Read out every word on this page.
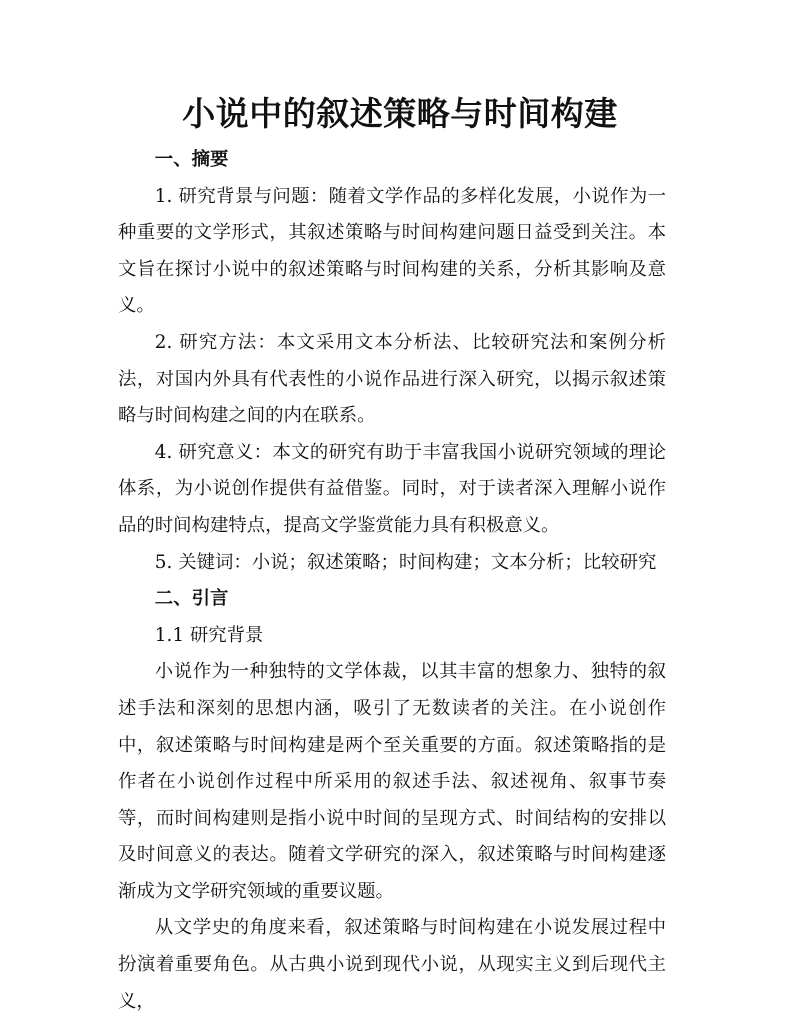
小说中的叙述策略与时间构建
一、摘要

1. 研究背景与问题：随着文学作品的多样化发展，小说作为一种重要的文学形式，其叙述策略与时间构建问题日益受到关注。本文旨在探讨小说中的叙述策略与时间构建的关系，分析其影响及意义。

2. 研究方法：本文采用文本分析法、比较研究法和案例分析法，对国内外具有代表性的小说作品进行深入研究，以揭示叙述策略与时间构建之间的内在联系。

4. 研究意义：本文的研究有助于丰富我国小说研究领域的理论体系，为小说创作提供有益借鉴。同时，对于读者深入理解小说作品的时间构建特点，提高文学鉴赏能力具有积极意义。

5. 关键词：小说；叙述策略；时间构建；文本分析；比较研究

二、引言
1.1 研究背景

小说作为一种独特的文学体裁，以其丰富的想象力、独特的叙述手法和深刻的思想内涵，吸引了无数读者的关注。在小说创作中，叙述策略与时间构建是两个至关重要的方面。叙述策略指的是作者在小说创作过程中所采用的叙述手法、叙述视角、叙事节奏等，而时间构建则是指小说中时间的呈现方式、时间结构的安排以及时间意义的表达。随着文学研究的深入，叙述策略与时间构建逐渐成为文学研究领域的重要议题。

从文学史的角度来看，叙述策略与时间构建在小说发展过程中扮演着重要角色。从古典小说到现代小说，从现实主义到后现代主义，
